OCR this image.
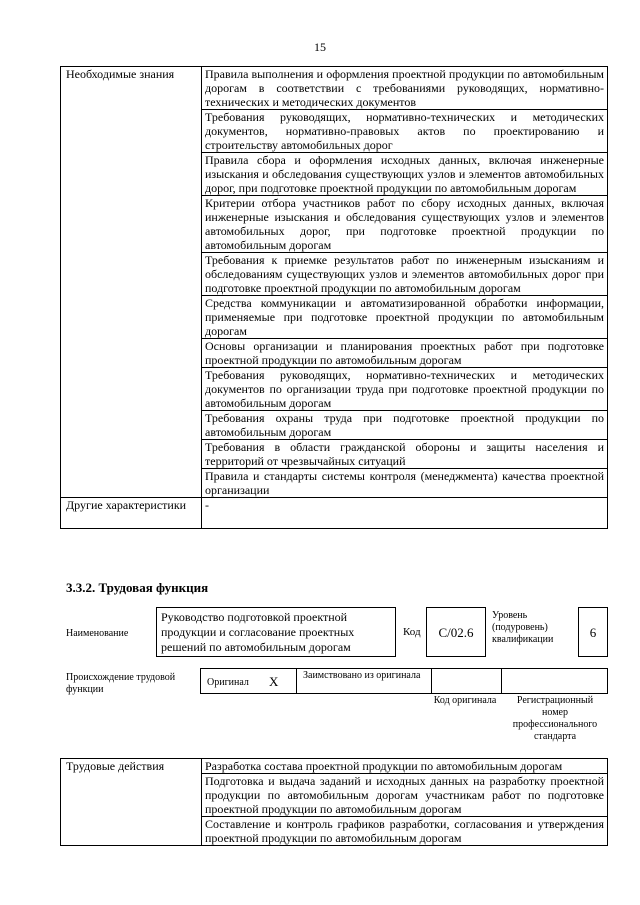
15
Необходимые знания	Правила выполнения и оформления проектной продукции по автомобильным дорогам в соответствии с требованиями руководящих, нормативно-технических и методических документов
	Требования руководящих, нормативно-технических и методических документов, нормативно-правовых актов по проектированию и строительству автомобильных дорог
	Правила сбора и оформления исходных данных, включая инженерные изыскания и обследования существующих узлов и элементов автомобильных дорог, при подготовке проектной продукции по автомобильным дорогам
	Критерии отбора участников работ по сбору исходных данных, включая инженерные изыскания и обследования существующих узлов и элементов автомобильных дорог, при подготовке проектной продукции по автомобильным дорогам
	Требования к приемке результатов работ по инженерным изысканиям и обследованиям существующих узлов и элементов автомобильных дорог при подготовке проектной продукции по автомобильным дорогам
	Средства коммуникации и автоматизированной обработки информации, применяемые при подготовке проектной продукции по автомобильным дорогам
	Основы организации и планирования проектных работ при подготовке проектной продукции по автомобильным дорогам
	Требования руководящих, нормативно-технических и методических документов по организации труда при подготовке проектной продукции по автомобильным дорогам
	Требования охраны труда при подготовке проектной продукции по автомобильным дорогам
	Требования в области гражданской обороны и защиты населения и территорий от чрезвычайных ситуаций
	Правила и стандарты системы контроля (менеджмента) качества проектной организации
Другие характеристики	-
3.3.2. Трудовая функция
Наименование
Руководство подготовкой проектной продукции и согласование проектных решений по автомобильным дорогам
Код	C/02.6
Уровень (подуровень) квалификации	6
Происхождение трудовой функции
Оригинал X Заимствовано из оригинала
Код оригинала	Регистрационный номер профессионального стандарта
Трудовые действия	Разработка состава проектной продукции по автомобильным дорогам
Подготовка и выдача заданий и исходных данных на разработку проектной продукции по автомобильным дорогам участникам работ по подготовке проектной продукции по автомобильным дорогам
Составление и контроль графиков разработки, согласования и утверждения проектной продукции по автомобильным дорогам
